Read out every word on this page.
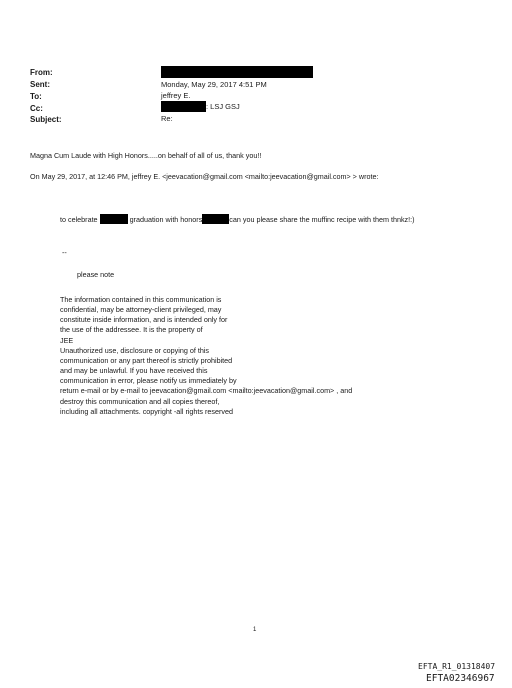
From:
Sent:	Monday, May 29, 2017 4:51 PM
To:	jeffrey E.
Cc:	: LSJ GSJ
Subject:	Re:
Magna Cum Laude with High Honors.....on behalf of all of us, thank you!!
On May 29, 2017, at 12:46 PM, jeffrey E. <jeevacation@gmail.com <mailto:jeevacation@gmail.com> > wrote:
to celebrate	graduation with honors	can you please share the muffinc recipe with them thnkz!:)
--
please note
The information contained in this communication is
confidential, may be attorney-client privileged, may
constitute inside information, and is intended only for
the use of the addressee. It is the property of
JEE
Unauthorized use, disclosure or copying of this
communication or any part thereof is strictly prohibited
and may be unlawful. If you have received this
communication in error, please notify us immediately by
return e-mail or by e-mail to jeevacation@gmail.com <mailto:jeevacation@gmail.com> , and
destroy this communication and all copies thereof,
including all attachments. copyright -all rights reserved
1
EFTA_R1_01318407
EFTA02346967
